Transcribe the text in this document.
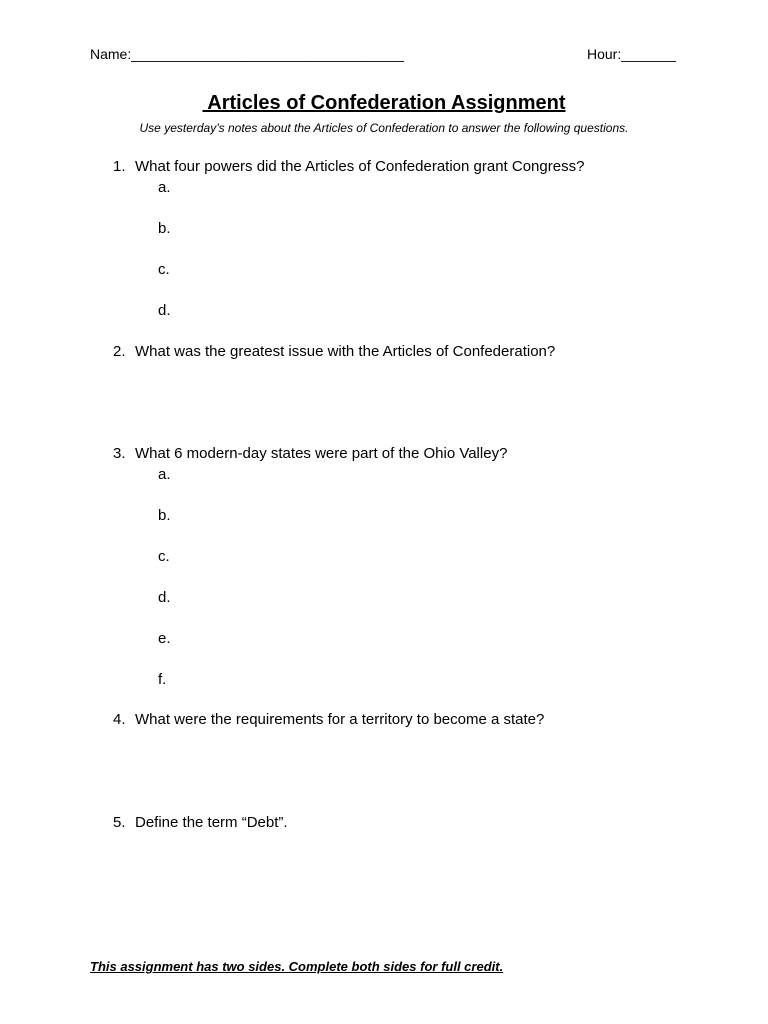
Name:___________________________________	Hour:_______
Articles of Confederation Assignment
Use yesterday’s notes about the Articles of Confederation to answer the following questions.
1. What four powers did the Articles of Confederation grant Congress?
a.
b.
c.
d.
2. What was the greatest issue with the Articles of Confederation?
3. What 6 modern-day states were part of the Ohio Valley?
a.
b.
c.
d.
e.
f.
4. What were the requirements for a territory to become a state?
5. Define the term “Debt”.
This assignment has two sides. Complete both sides for full credit.
